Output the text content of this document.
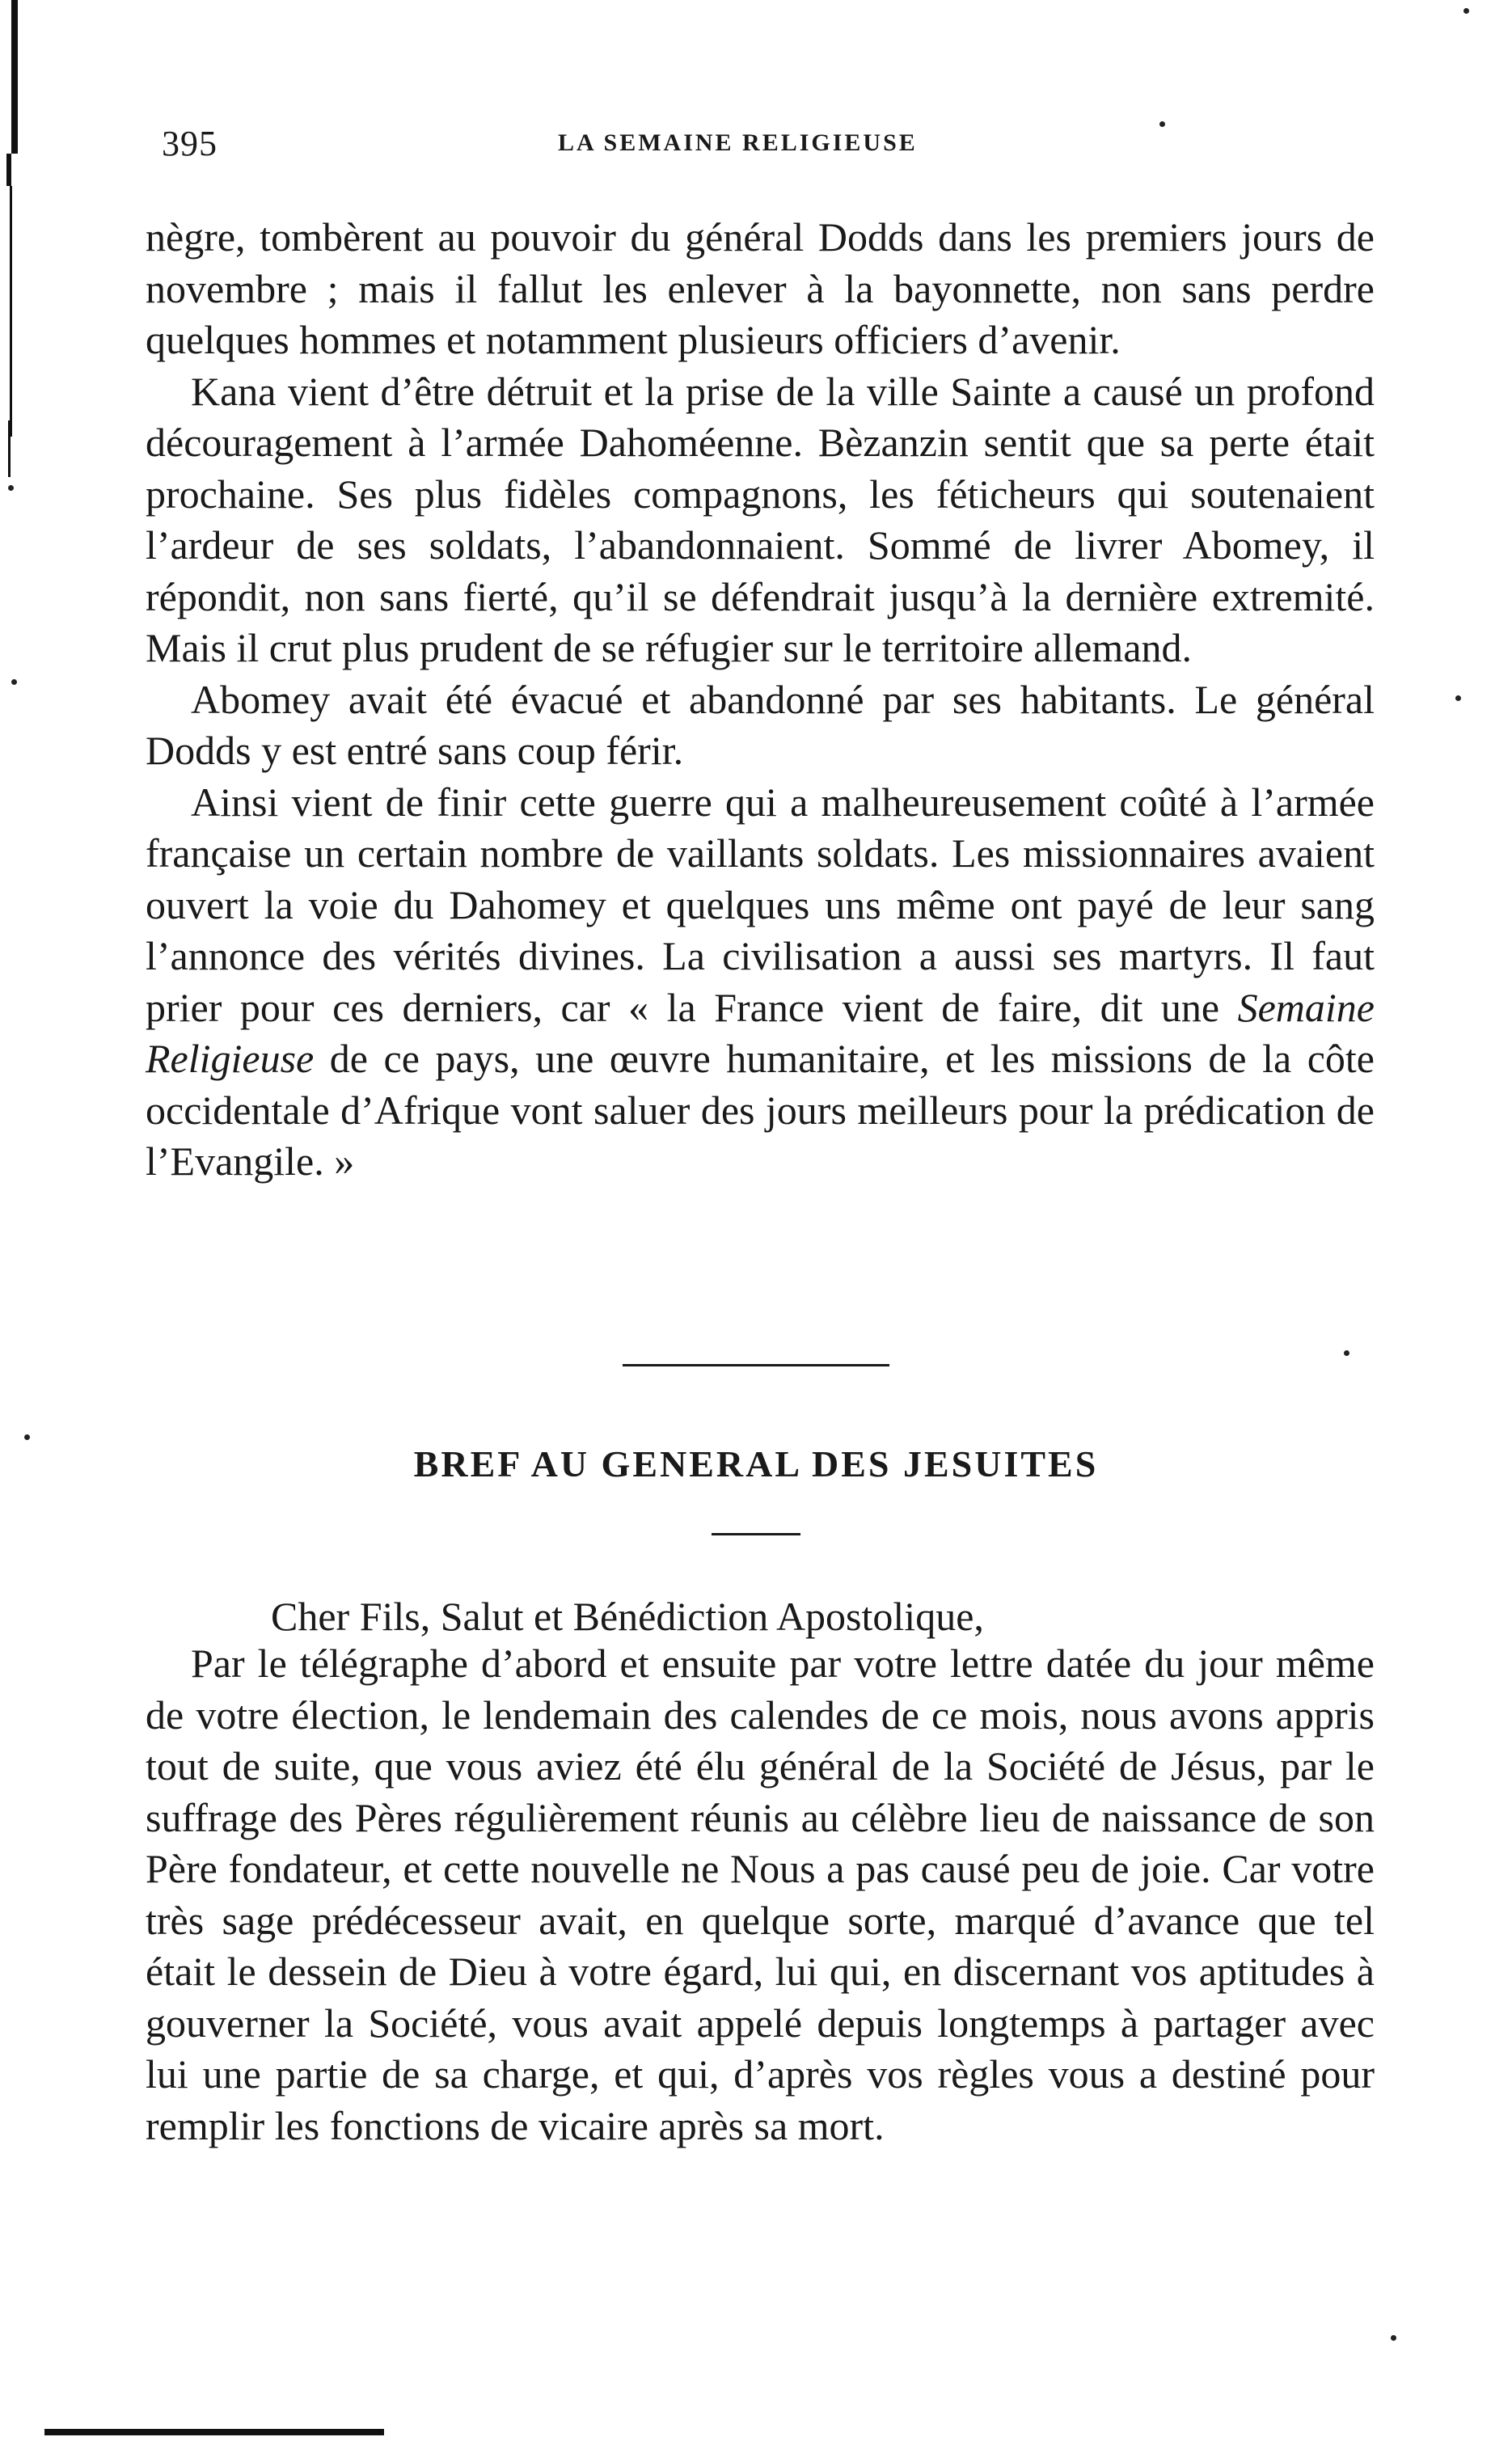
395	LA SEMAINE RELIGIEUSE

nègre, tombèrent au pouvoir du général Dodds dans les premiers jours de novembre ; mais il fallut les enlever à la bayonnette, non sans perdre quelques hommes et notamment plusieurs officiers d’avenir.

Kana vient d’être détruit et la prise de la ville Sainte a causé un profond découragement à l’armée Dahoméenne. Bèzanzin sentit que sa perte était prochaine. Ses plus fidèles compagnons, les féticheurs qui soutenaient l’ardeur de ses soldats, l’abandonnaient. Sommé de livrer Abomey, il répondit, non sans fierté, qu’il se défendrait jusqu’à la dernière extremité. Mais il crut plus prudent de se réfugier sur le territoire allemand.

Abomey avait été évacué et abandonné par ses habitants. Le général Dodds y est entré sans coup férir.

Ainsi vient de finir cette guerre qui a malheureusement coûté à l’armée française un certain nombre de vaillants soldats. Les missionnaires avaient ouvert la voie du Dahomey et quelques uns même ont payé de leur sang l’annonce des vérités divines. La civilisation a aussi ses martyrs. Il faut prier pour ces derniers, car « la France vient de faire, dit une Semaine Religieuse de ce pays, une œuvre humanitaire, et les missions de la côte occidentale d’Afrique vont saluer des jours meilleurs pour la prédication de l’Evangile. »

BREF AU GENERAL DES JESUITES
Cher Fils, Salut et Bénédiction Apostolique,

Par le télégraphe d’abord et ensuite par votre lettre datée du jour même de votre élection, le lendemain des calendes de ce mois, nous avons appris tout de suite, que vous aviez été élu général de la Société de Jésus, par le suffrage des Pères régulièrement réunis au célèbre lieu de naissance de son Père fondateur, et cette nouvelle ne Nous a pas causé peu de joie. Car votre très sage prédécesseur avait, en quelque sorte, marqué d’avance que tel était le dessein de Dieu à votre égard, lui qui, en discernant vos aptitudes à gouverner la Société, vous avait appelé depuis longtemps à partager avec lui une partie de sa charge, et qui, d’après vos règles vous a destiné pour remplir les fonctions de vicaire après sa mort.
